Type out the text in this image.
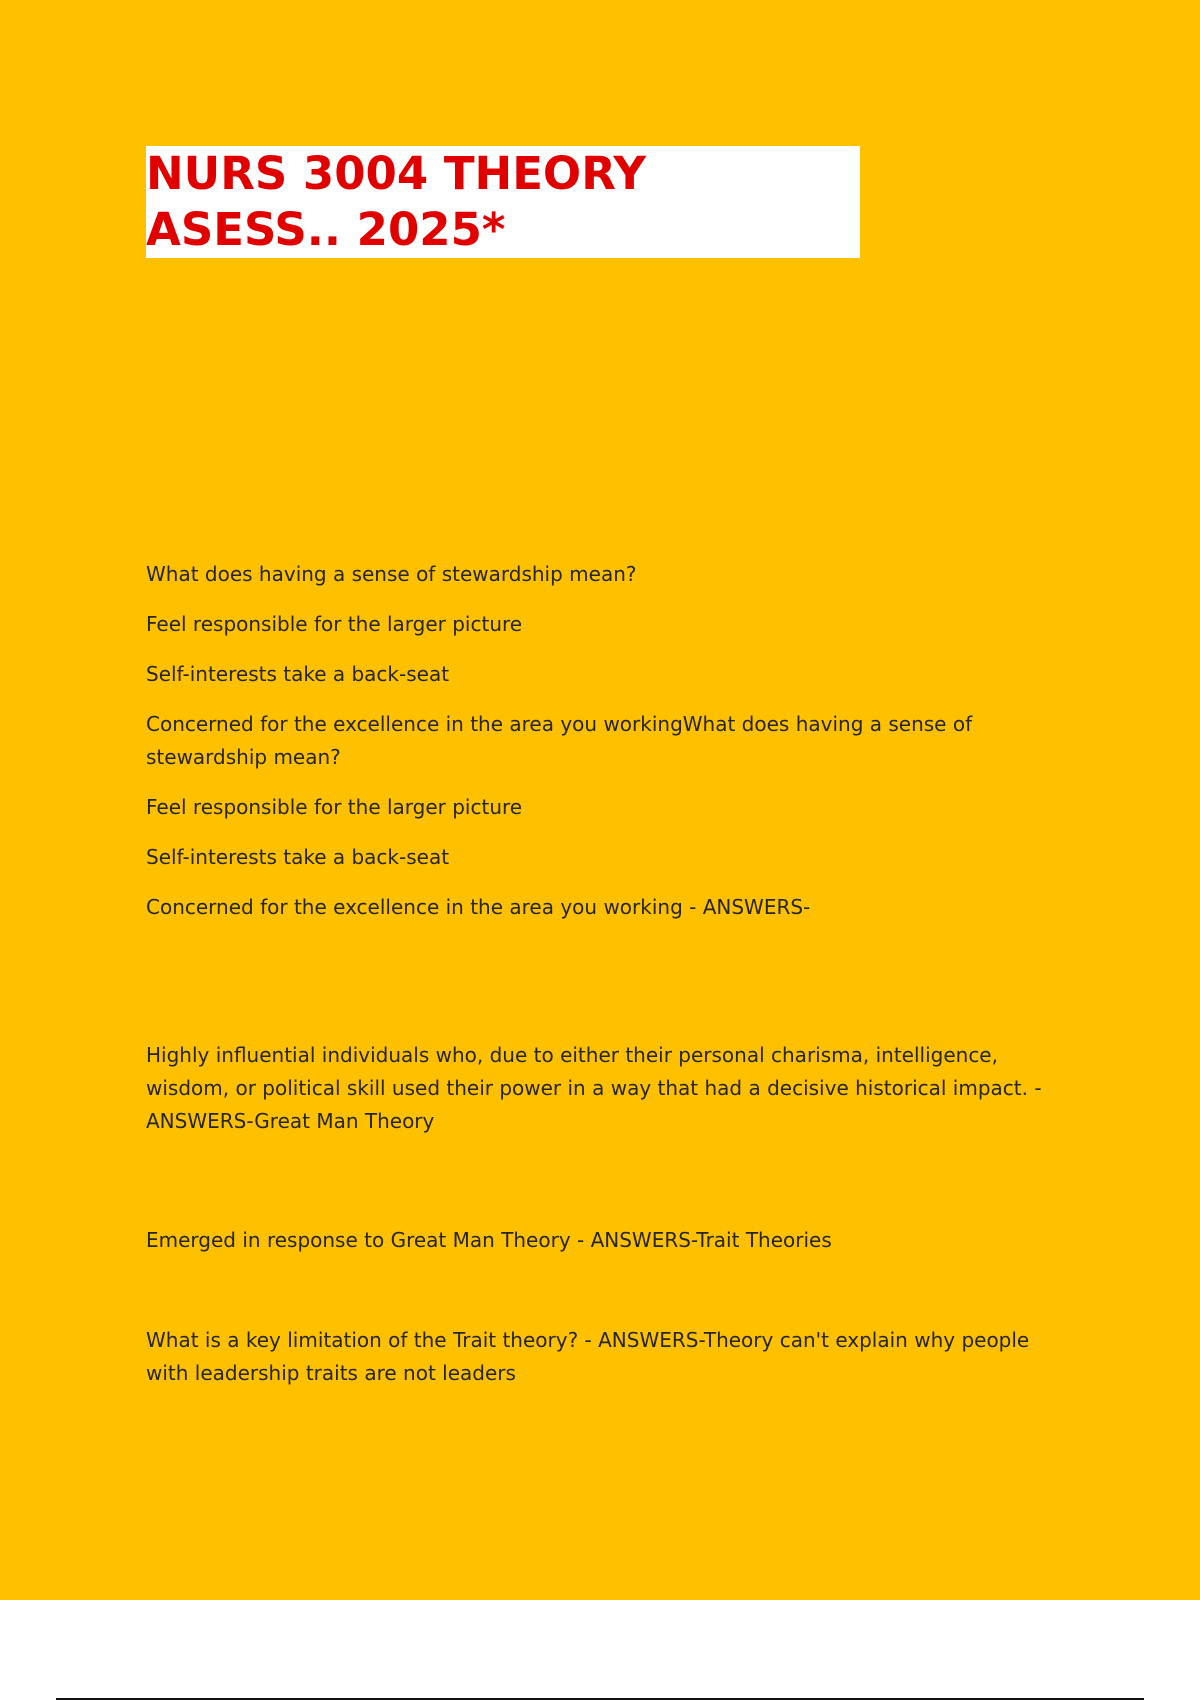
NURS 3004 THEORY
ASESS.. 2025*

What does having a sense of stewardship mean?

Feel responsible for the larger picture

Self-interests take a back-seat

Concerned for the excellence in the area you workingWhat does having a sense of stewardship mean?

Feel responsible for the larger picture

Self-interests take a back-seat

Concerned for the excellence in the area you working - ANSWERS-

Highly influential individuals who, due to either their personal charisma, intelligence, wisdom, or political skill used their power in a way that had a decisive historical impact. - ANSWERS-Great Man Theory

Emerged in response to Great Man Theory - ANSWERS-Trait Theories

What is a key limitation of the Trait theory? - ANSWERS-Theory can't explain why people with leadership traits are not leaders
